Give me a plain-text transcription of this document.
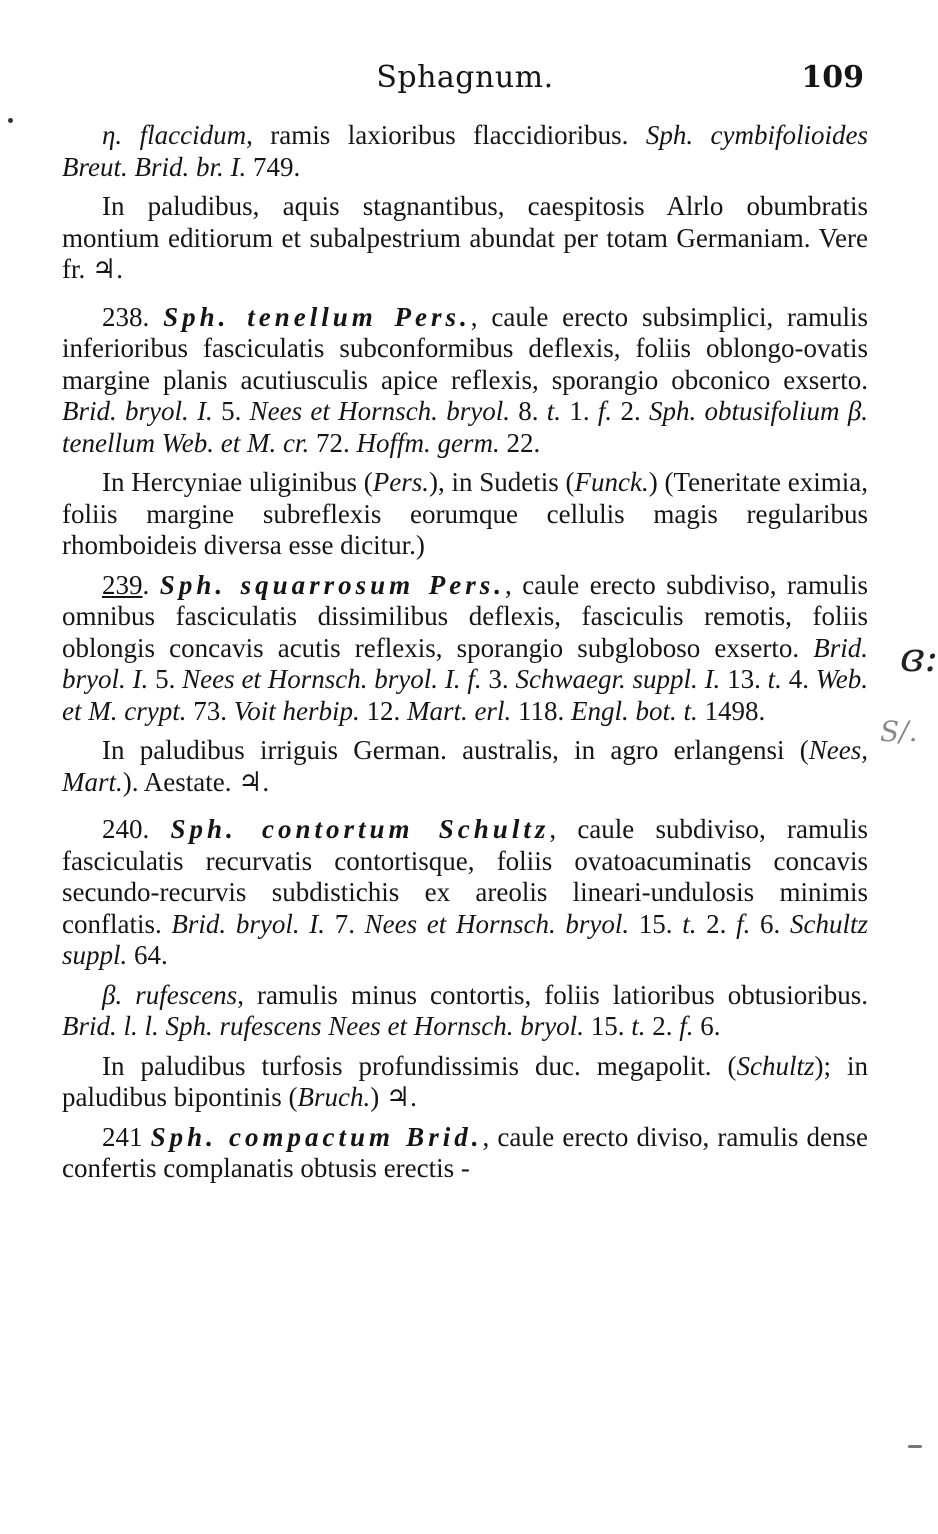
Sphagnum.	109

η. flaccidum, ramis laxioribus flaccidioribus. Sph. cymbifolioides Breut. Brid. br. I. 749.

In paludibus, aquis stagnantibus, caespitosis Alrlo obumbratis montium editiorum et subalpestrium abundat per totam Germaniam. Vere fr. ♃.

238. Sph. tenellum Pers., caule erecto subsimplici, ramulis inferioribus fasciculatis subconformibus deflexis, foliis oblongo-ovatis margine planis acutiusculis apice reflexis, sporangio obconico exserto. Brid. bryol. I. 5. Nees et Hornsch. bryol. 8. t. 1. f. 2. Sph. obtusifolium β. tenellum Web. et M. cr. 72. Hoffm. germ. 22.

In Hercyniae uliginibus (Pers.), in Sudetis (Funck.) (Teneritate eximia, foliis margine subreflexis eorumque cellulis magis regularibus rhomboideis diversa esse dicitur.)

239. Sph. squarrosum Pers., caule erecto subdiviso, ramulis omnibus fasciculatis dissimilibus deflexis, fasciculis remotis, foliis oblongis concavis acutis reflexis, sporangio subgloboso exserto. Brid. bryol. I. 5. Nees et Hornsch. bryol. I. f. 3. Schwaegr. suppl. I. 13. t. 4. Web. et M. crypt. 73. Voit herbip. 12. Mart. erl. 118. Engl. bot. t. 1498.

In paludibus irriguis German. australis, in agro erlangensi (Nees, Mart.). Aestate. ♃.

240. Sph. contortum Schultz, caule subdiviso, ramulis fasciculatis recurvatis contortisque, foliis ovatoacuminatis concavis secundo-recurvis subdistichis ex areolis lineari-undulosis minimis conflatis. Brid. bryol. I. 7. Nees et Hornsch. bryol. 15. t. 2. f. 6. Schultz suppl. 64.

β. rufescens, ramulis minus contortis, foliis latioribus obtusioribus. Brid. l. l. Sph. rufescens Nees et Hornsch. bryol. 15. t. 2. f. 6.

In paludibus turfosis profundissimis duc. megapolit. (Schultz); in paludibus bipontinis (Bruch.) ♃.

241 Sph. compactum Brid., caule erecto diviso, ramulis dense confertis complanatis obtusis erectis -

ɞ:
S/.
